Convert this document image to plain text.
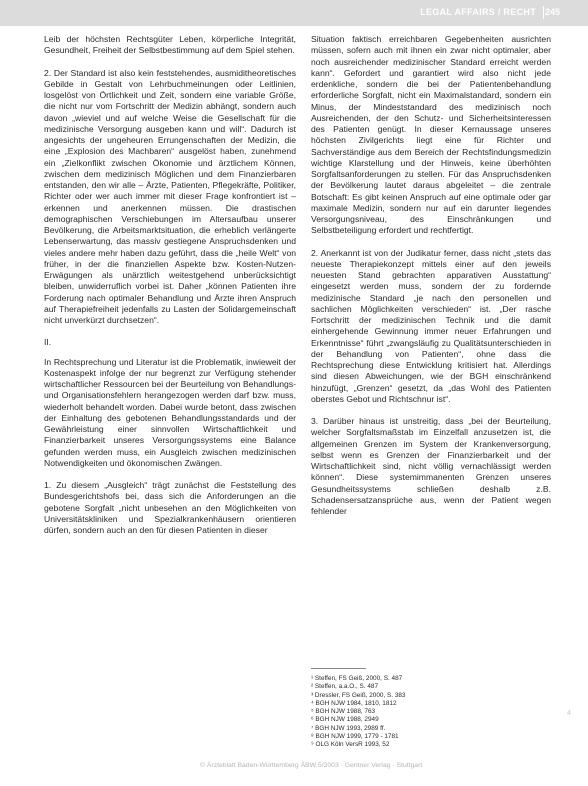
LEGAL AFFAIRS / RECHT 245

Leib der höchsten Rechtsgüter Leben, körperliche Integrität, Gesundheit, Freiheit der Selbstbestimmung auf dem Spiel stehen.

2. Der Standard ist also kein feststehendes, ausmiditheoretisches Gebilde in Gestalt von Lehrbuchmeinungen oder Leitlinien, losgelöst von Örtlichkeit und Zeit, sondern eine variable Größe, die nicht nur vom Fortschritt der Medizin abhängt, sondern auch davon „wieviel und auf welche Weise die Gesellschaft für die medizinische Versorgung ausgeben kann und will“. Dadurch ist angesichts der ungeheuren Errungenschaften der Medizin, die eine „Explosion des Machbaren“ ausgelöst haben, zunehmend ein „Zielkonflikt zwischen Ökonomie und ärztlichem Können, zwischen dem medizinisch Möglichen und dem Finanzierbaren entstanden, den wir alle – Ärzte, Patienten, Pflegekräfte, Politiker, Richter oder wer auch immer mit dieser Frage konfrontiert ist – erkennen und anerkennen müssen. Die drastischen demographischen Verschiebungen im Altersaufbau unserer Bevölkerung, die Arbeitsmarktsituation, die erheblich verlängerte Lebenserwartung, das massiv gestiegene Anspruchsdenken und vieles andere mehr haben dazu geführt, dass die „heile Welt“ von früher, in der die finanziellen Aspekte bzw. Kosten-Nutzen-Erwägungen als unärztlich weitestgehend unberücksichtigt bleiben, unwiderruflich vorbei ist. Daher „können Patienten ihre Forderung nach optimaler Behandlung und Ärzte ihren Anspruch auf Therapiefreiheit jedenfalls zu Lasten der Solidargemeinschaft nicht unverkürzt durchsetzen“.

II.

In Rechtsprechung und Literatur ist die Problematik, inwieweit der Kostenaspekt infolge der nur begrenzt zur Verfügung stehender wirtschaftlicher Ressourcen bei der Beurteilung von Behandlungs- und Organisationsfehlern herangezogen werden darf bzw. muss, wiederholt behandelt worden. Dabei wurde betont, dass zwischen der Einhaltung des gebotenen Behandlungsstandards und der Gewährleistung einer sinnvollen Wirtschaftlichkeit und Finanzierbarkeit unseres Versorgungssystems eine Balance gefunden werden muss, ein Ausgleich zwischen medizinischen Notwendigkeiten und ökonomischen Zwängen.

1. Zu diesem „Ausgleich“ trägt zunächst die Feststellung des Bundesgerichtshofs bei, dass sich die Anforderungen an die gebotene Sorgfalt „nicht unbesehen an den Möglichkeiten von Universitätskliniken und Spezialkrankenhäusern orientieren dürfen, sondern auch an den für diesen Patienten in dieser

Situation faktisch erreichbaren Gegebenheiten ausrichten müssen, sofern auch mit ihnen ein zwar nicht optimaler, aber noch ausreichender medizinischer Standard erreicht werden kann“. Gefordert und garantiert wird also nicht jede erdenkliche, sondern die bei der Patientenbehandlung erforderliche Sorgfalt, nicht ein Maximalstandard, sondern ein Minus, der Mindeststandard des medizinisch noch Ausreichenden, der den Schutz- und Sicherheitsinteressen des Patienten genügt. In dieser Kernaussage unseres höchsten Zivilgerichts liegt eine für Richter und Sachverständige aus dem Bereich der Rechtsfindungsmedizin wichtige Klarstellung und der Hinweis, keine überhöhten Sorgfaltsanforderungen zu stellen. Für das Anspruchsdenken der Bevölkerung lautet daraus abgeleitet – die zentrale Botschaft: Es gibt keinen Anspruch auf eine optimale oder gar maximale Medizin, sondern nur auf ein darunter liegendes Versorgungsniveau, des Einschränkungen und Selbstbeteiligung erfordert und rechtfertigt.

2. Anerkannt ist von der Judikatur ferner, dass nicht „stets das neueste Therapiekonzept mittels einer auf den jeweils neuesten Stand gebrachten apparativen Ausstattung“ eingesetzt werden muss, sondern der zu fordernde medizinische Standard „je nach den personellen und sachlichen Möglichkeiten verschieden“ ist. „Der rasche Fortschritt der medizinischen Technik und die damit einhergehende Gewinnung immer neuer Erfahrungen und Erkenntnisse“ führt „zwangsläufig zu Qualitätsunterschieden in der Behandlung von Patienten“, ohne dass die Rechtsprechung diese Entwicklung kritisiert hat. Allerdings sind diesen Abweichungen, wie der BGH einschränkend hinzufügt, „Grenzen“ gesetzt, da „das Wohl des Patienten oberstes Gebot und Richtschnur ist“.

3. Darüber hinaus ist unstreitig, dass „bei der Beurteilung, welcher Sorgfaltsmaßstab im Einzelfall anzusetzen ist, die allgemeinen Grenzen im System der Krankenversorgung, selbst wenn es Grenzen der Finanzierbarkeit und der Wirtschaftlichkeit sind, nicht völlig vernachlässigt werden können“. Diese systemimmanenten Grenzen unseres Gesundheitssystems schließen deshalb z.B. Schadensersatzansprüche aus, wenn der Patient wegen fehlender

¹ Steffen, FS Geiß, 2000, S. 487
² Steffen, a.a.O., S. 487
³ Dressler, FS Geiß, 2000, S. 383
⁴ BGH NJW 1984, 1810, 1812
⁵ BGH NJW 1988, 763
⁶ BGH NJW 1988, 2949
⁷ BGH NJW 1993, 2989 ff.
⁸ BGH NJW 1999, 1779 - 1781
⁹ OLG Köln VersR 1993, 52
4
© Ärzteblatt Baden-Württemberg ÄBW 5/2003 · Gentner Verlag · Stuttgart
